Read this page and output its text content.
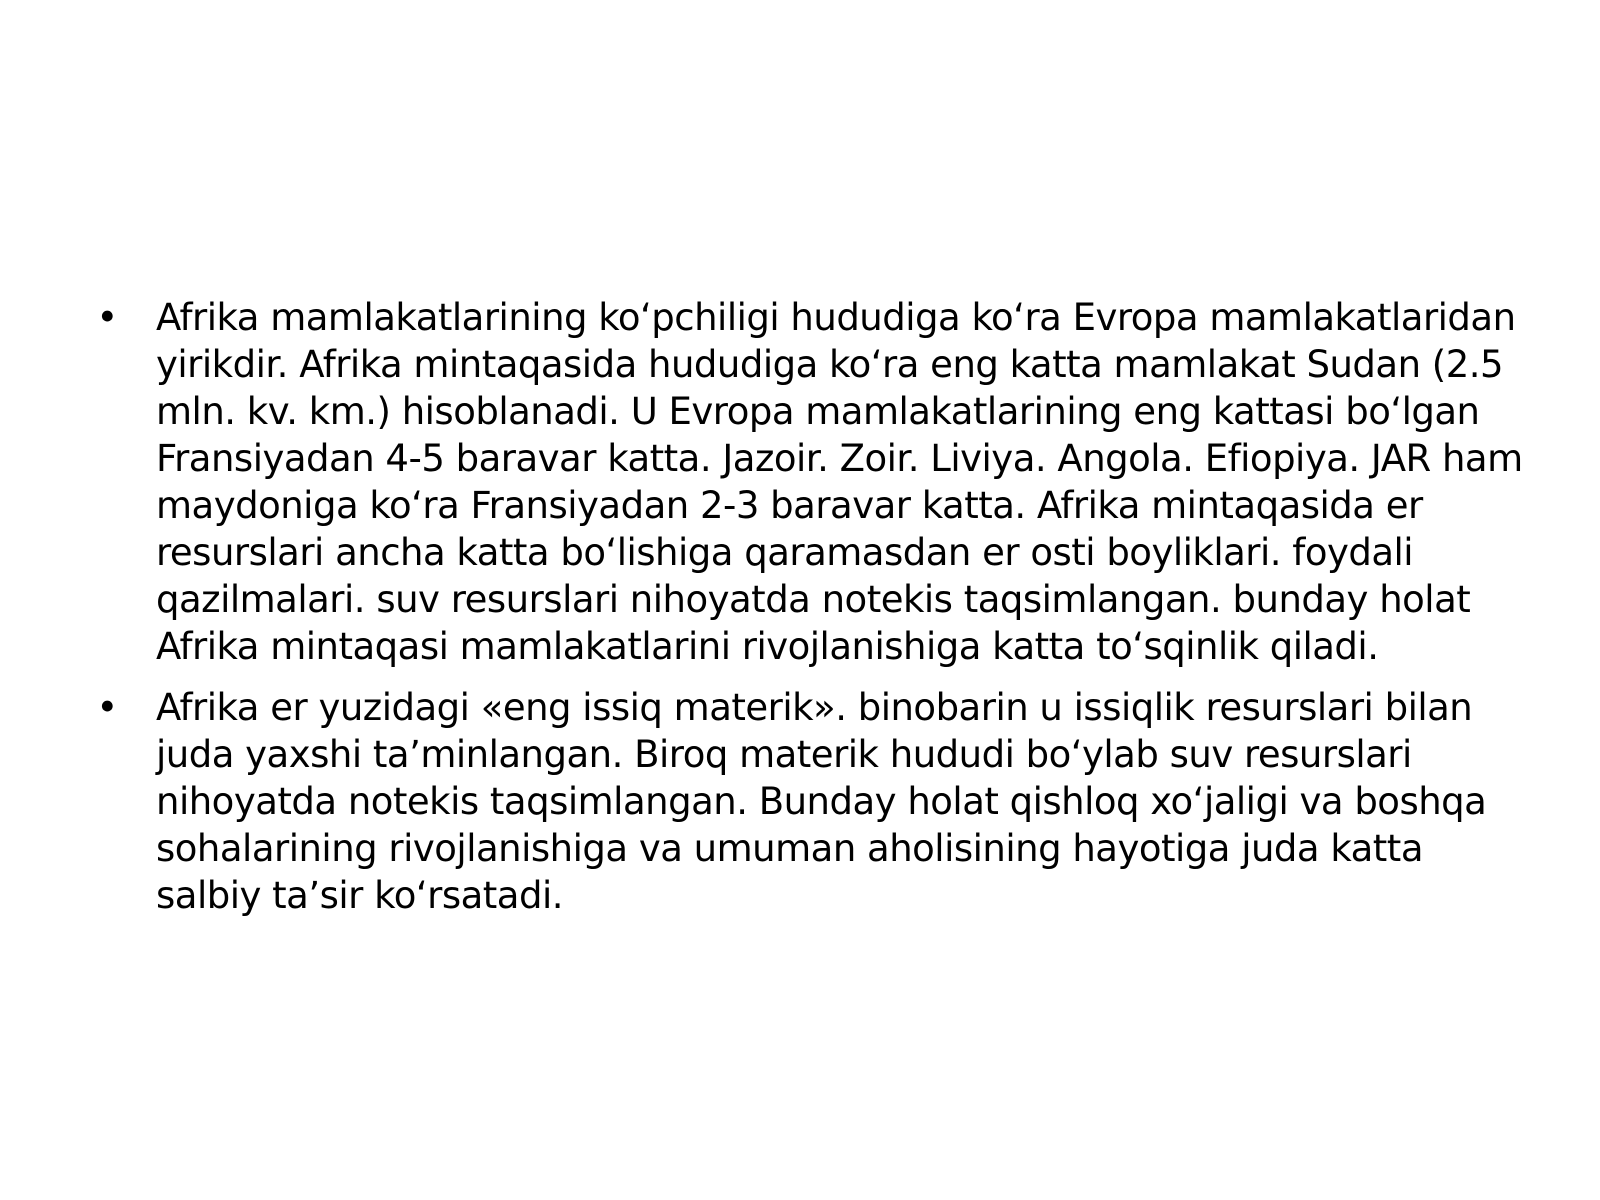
• Afrika mamlakatlarining ko‘pchiligi hududiga ko‘ra Evropa mamlakatlaridan yirikdir. Afrika mintaqasida hududiga ko‘ra eng katta mamlakat Sudan (2.5 mln. kv. km.) hisoblanadi. U Evropa mamlakatlarining eng kattasi bo‘lgan Fransiyadan 4-5 baravar katta. Jazoir. Zoir. Liviya. Angola. Efiopiya. JAR ham maydoniga ko‘ra Fransiyadan 2-3 baravar katta. Afrika mintaqasida er resurslari ancha katta bo‘lishiga qaramasdan er osti boyliklari. foydali qazilmalari. suv resurslari nihoyatda notekis taqsimlangan. bunday holat Afrika mintaqasi mamlakatlarini rivojlanishiga katta to‘sqinlik qiladi.
• Afrika er yuzidagi «eng issiq materik». binobarin u issiqlik resurslari bilan juda yaxshi ta’minlangan. Biroq materik hududi bo‘ylab suv resurslari nihoyatda notekis taqsimlangan. Bunday holat qishloq xo‘jaligi va boshqa sohalarining rivojlanishiga va umuman aholisining hayotiga juda katta salbiy ta’sir ko‘rsatadi.
